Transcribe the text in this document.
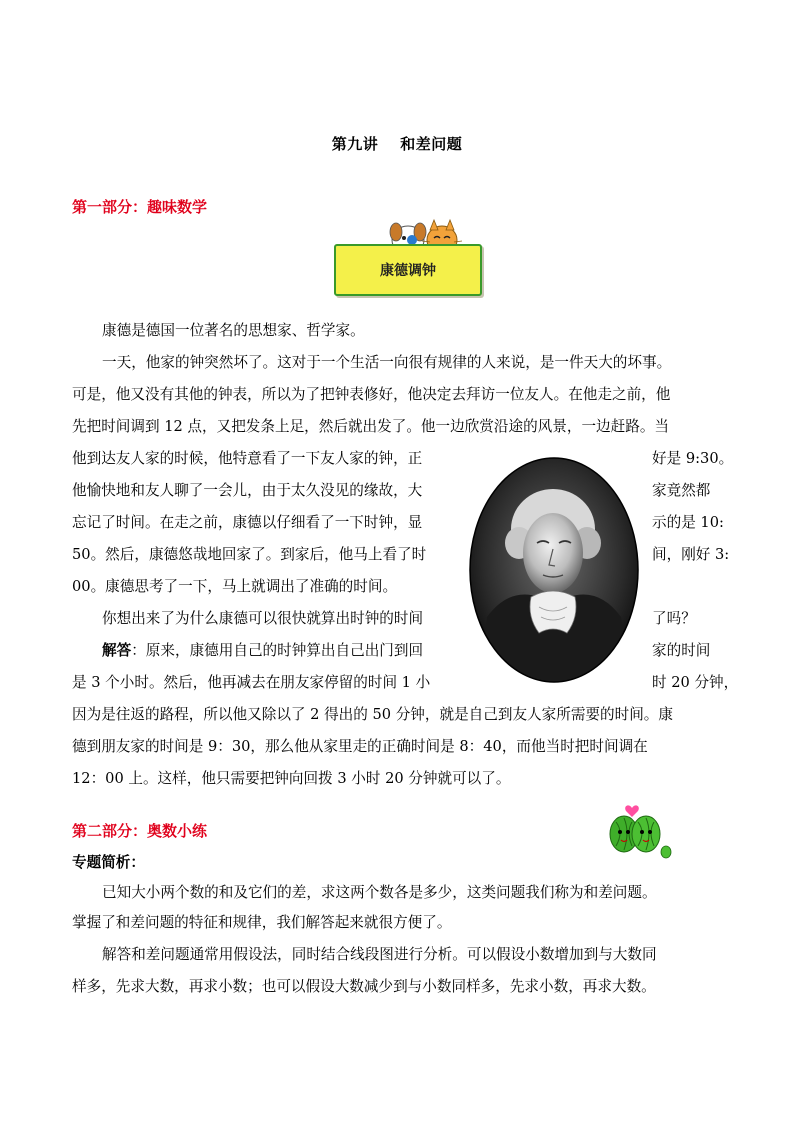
第九讲 和差问题
第一部分：趣味数学
康德调钟
康德是德国一位著名的思想家、哲学家。
一天，他家的钟突然坏了。这对于一个生活一向很有规律的人来说，是一件天大的坏事。
可是，他又没有其他的钟表，所以为了把钟表修好，他决定去拜访一位友人。在他走之前，他
先把时间调到 12 点，又把发条上足，然后就出发了。他一边欣赏沿途的风景，一边赶路。当
他到达友人家的时候，他特意看了一下友人家的钟，正	好是 9:30。
他愉快地和友人聊了一会儿，由于太久没见的缘故，大	家竟然都
忘记了时间。在走之前，康德以仔细看了一下时钟，显	示的是 10:
50。然后，康德悠哉地回家了。到家后，他马上看了时	间，刚好 3:
00。康德思考了一下，马上就调出了准确的时间。
你想出来了为什么康德可以很快就算出时钟的时间	了吗？
解答：原来，康德用自己的时钟算出自己出门到回	家的时间
是 3 个小时。然后，他再减去在朋友家停留的时间 1 小	时 20 分钟，
因为是往返的路程，所以他又除以了 2 得出的 50 分钟，就是自己到友人家所需要的时间。康
德到朋友家的时间是 9：30，那么他从家里走的正确时间是 8：40，而他当时把时间调在
12：00 上。这样，他只需要把钟向回拨 3 小时 20 分钟就可以了。
第二部分：奥数小练
专题简析：
已知大小两个数的和及它们的差，求这两个数各是多少，这类问题我们称为和差问题。
掌握了和差问题的特征和规律，我们解答起来就很方便了。
解答和差问题通常用假设法，同时结合线段图进行分析。可以假设小数增加到与大数同
样多，先求大数，再求小数；也可以假设大数减少到与小数同样多，先求小数，再求大数。
